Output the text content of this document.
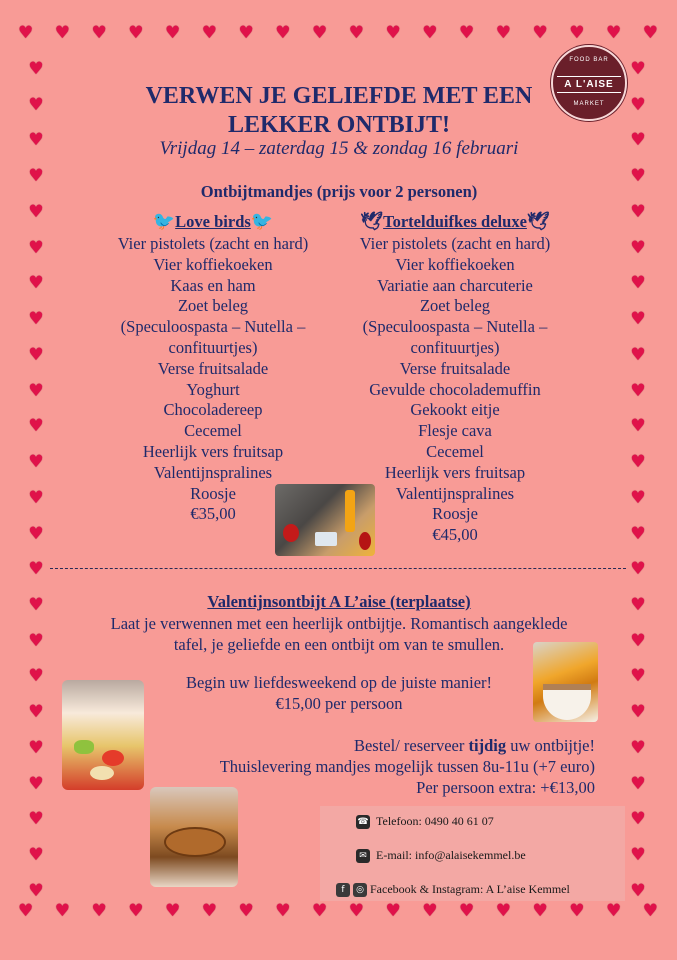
♥ ♥ ♥ ♥ ♥ ♥ ♥ ♥ ♥ ♥ ♥ ♥ ♥ ♥ ♥ ♥ ♥ ♥
♥
♥
♥
♥
♥
♥
♥
♥
♥
♥
♥
♥
♥
♥
♥
♥
♥
♥
♥
♥
♥
♥
♥
♥
♥
♥
♥
♥
♥
♥
♥
♥
♥
♥
♥
♥
♥
♥
♥
♥
♥
♥
♥
♥
♥
♥
♥
♥
♥ ♥ ♥ ♥ ♥ ♥ ♥ ♥ ♥ ♥ ♥ ♥ ♥ ♥ ♥ ♥ ♥ ♥
FOOD BAR
A L'AISE
MARKET
VERWEN JE GELIEFDE MET EEN LEKKER ONTBIJT!
Vrijdag 14 – zaterdag 15 & zondag 16 februari
Ontbijtmandjes (prijs voor 2 personen)
🐦Love birds🐦
Vier pistolets (zacht en hard)
Vier koffiekoeken
Kaas en ham
Zoet beleg
(Speculoospasta – Nutella –
confituurtjes)
Verse fruitsalade
Yoghurt
Chocoladereep
Cecemel
Heerlijk vers fruitsap
Valentijnspralines
Roosje
€35,00
🕊Tortelduifkes deluxe🕊
Vier pistolets (zacht en hard)
Vier koffiekoeken
Variatie aan charcuterie
Zoet beleg
(Speculoospasta – Nutella –
confituurtjes)
Verse fruitsalade
Gevulde chocolademuffin
Gekookt eitje
Flesje cava
Cecemel
Heerlijk vers fruitsap
Valentijnspralines
Roosje
€45,00
Valentijnsontbijt A L’aise (terplaatse)
Laat je verwennen met een heerlijk ontbijtje. Romantisch aangeklede
tafel, je geliefde en een ontbijt om van te smullen.
Begin uw liefdesweekend op de juiste manier!
€15,00 per persoon
Bestel/ reserveer tijdig uw ontbijtje!
Thuislevering mandjes mogelijk tussen 8u-11u (+7 euro)
Per persoon extra: +€13,00
☎ Telefoon: 0490 40 61 07
✉ E-mail: info@alaisekemmel.be
f	◎ Facebook & Instagram: A L’aise Kemmel
